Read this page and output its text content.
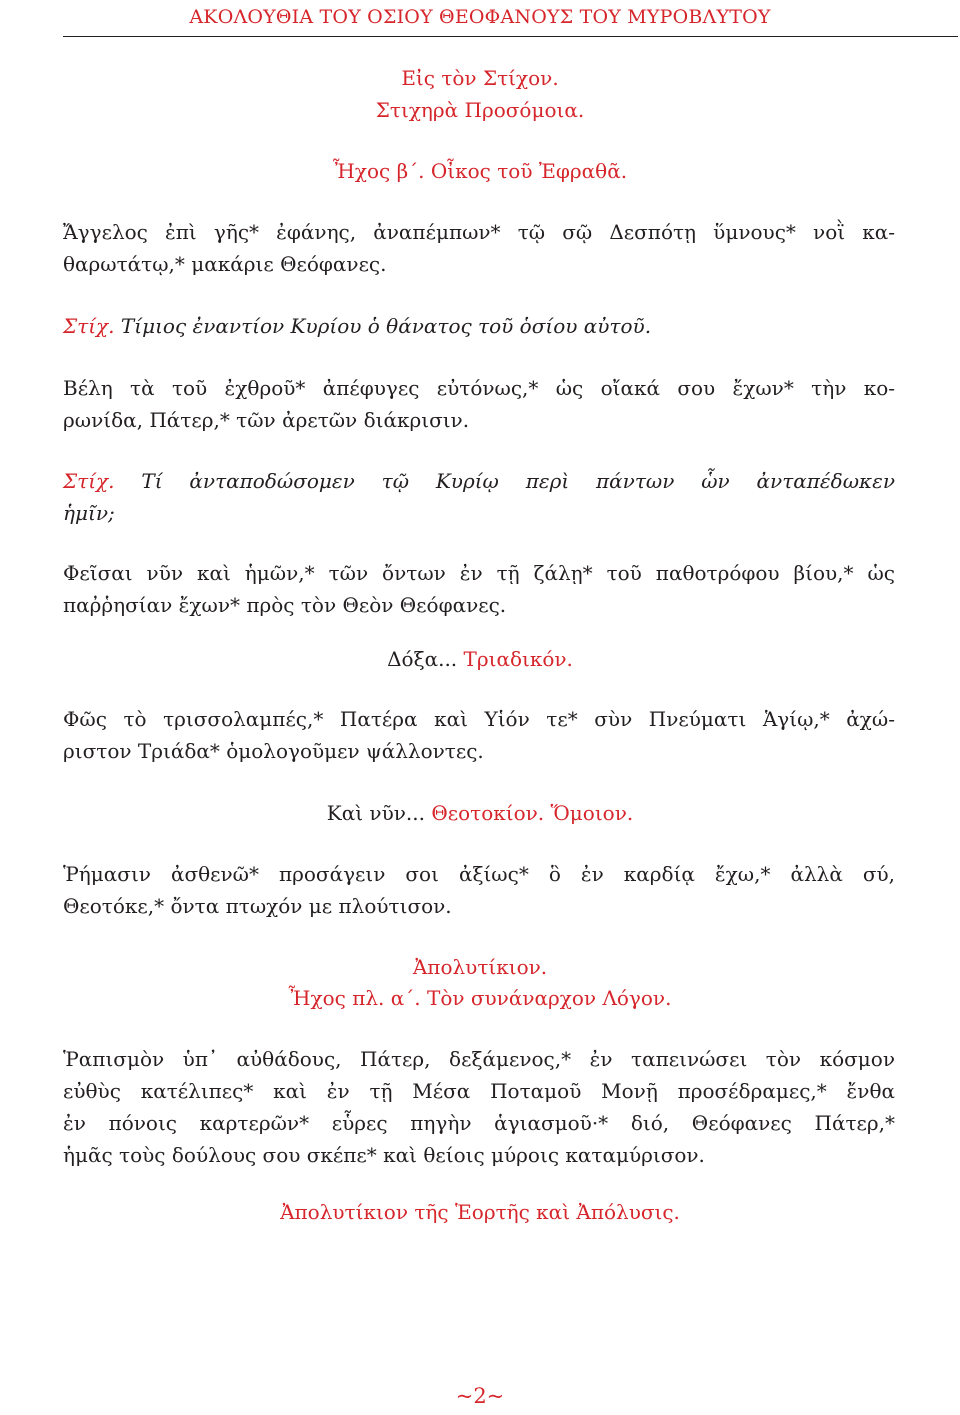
ΑΚΟΛΟΥΘΙΑ ΤΟΥ ΟΣΙΟΥ ΘΕΟΦΑΝΟΥΣ ΤΟΥ ΜΥΡΟΒΛΥΤΟΥ
Εἰς τὸν Στίχον.
Στιχηρὰ Προσόμοια.
Ἦχος β΄. Οἶκος τοῦ Ἐφραθᾶ.
Ἄγγελος ἐπὶ γῆς* ἐφάνης, ἀναπέμπων* τῷ σῷ Δεσπότῃ ὕμνους* νοῒ κα-
θαρωτάτῳ,* μακάριε Θεόφανες.
Στίχ. Τίμιος ἐναντίον Κυρίου ὁ θάνατος τοῦ ὁσίου αὐτοῦ.
Βέλη τὰ τοῦ ἐχθροῦ* ἀπέφυγες εὐτόνως,* ὡς οἴακά σου ἔχων* τὴν κο-
ρωνίδα, Πάτερ,* τῶν ἀρετῶν διάκρισιν.
Στίχ. Τί ἀνταποδώσομεν τῷ Κυρίῳ περὶ πάντων ὧν ἀνταπέδωκεν
ἡμῖν;
Φεῖσαι νῦν καὶ ἡμῶν,* τῶν ὄντων ἐν τῇ ζάλῃ* τοῦ παθοτρόφου βίου,* ὡς
παῤῥησίαν ἔχων* πρὸς τὸν Θεὸν Θεόφανες.
Δόξα... Τριαδικόν.
Φῶς τὸ τρισσολαμπές,* Πατέρα καὶ Υἱόν τε* σὺν Πνεύματι Ἁγίῳ,* ἀχώ-
ριστον Τριάδα* ὁμολογοῦμεν ψάλλοντες.
Καὶ νῦν... Θεοτοκίον. Ὅμοιον.
Ῥήμασιν ἀσθενῶ* προσάγειν σοι ἀξίως* ὃ ἐν καρδίᾳ ἔχω,* ἀλλὰ σύ,
Θεοτόκε,* ὄντα πτωχόν με πλούτισον.
Ἀπολυτίκιον.
Ἦχος πλ. α΄. Τὸν συνάναρχον Λόγον.
Ῥαπισμὸν ὑπ᾽ αὐθάδους, Πάτερ, δεξάμενος,* ἐν ταπεινώσει τὸν κόσμον
εὐθὺς κατέλιπες* καὶ ἐν τῇ Μέσα Ποταμοῦ Μονῇ προσέδραμες,* ἔνθα
ἐν πόνοις καρτερῶν* εὗρες πηγὴν ἁγιασμοῦ·* διό, Θεόφανες Πάτερ,*
ἡμᾶς τοὺς δούλους σου σκέπε* καὶ θείοις μύροις καταμύρισον.
Ἀπολυτίκιον τῆς Ἑορτῆς καὶ Ἀπόλυσις.
~2~
